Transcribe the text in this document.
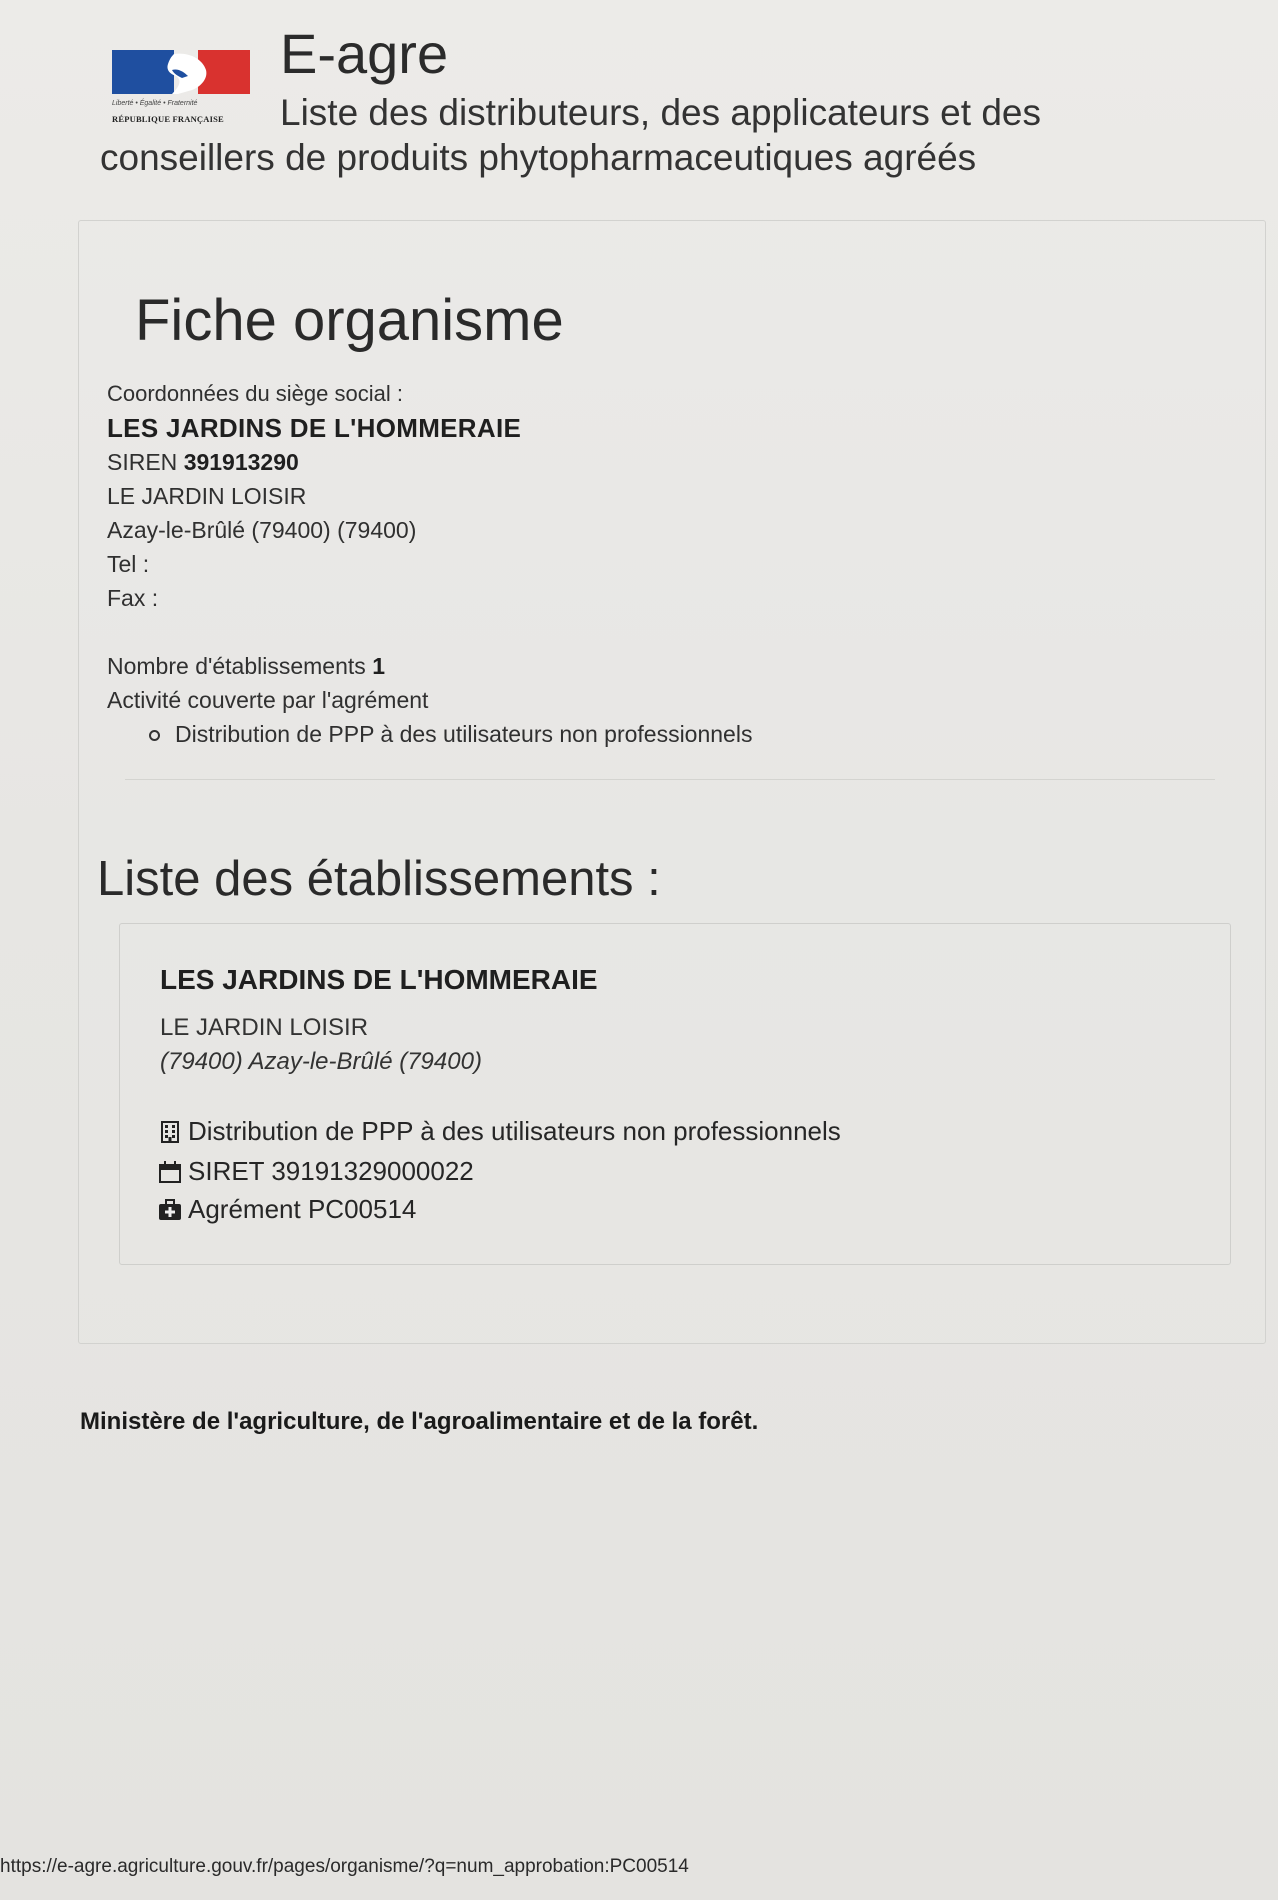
Liberté • Égalité • Fraternité
RÉPUBLIQUE FRANÇAISE
E-agre
Liste des distributeurs, des applicateurs et des
conseillers de produits phytopharmaceutiques agréés
Fiche organisme
Coordonnées du siège social :
LES JARDINS DE L'HOMMERAIE
SIREN 391913290
LE JARDIN LOISIR
Azay-le-Brûlé (79400) (79400)
Tel :
Fax :
Nombre d'établissements 1
Activité couverte par l'agrément
Distribution de PPP à des utilisateurs non professionnels
Liste des établissements :
LES JARDINS DE L'HOMMERAIE
LE JARDIN LOISIR
(79400) Azay-le-Brûlé (79400)
Distribution de PPP à des utilisateurs non professionnels
SIRET 39191329000022
Agrément PC00514
Ministère de l'agriculture, de l'agroalimentaire et de la forêt.
https://e-agre.agriculture.gouv.fr/pages/organisme/?q=num_approbation:PC00514
